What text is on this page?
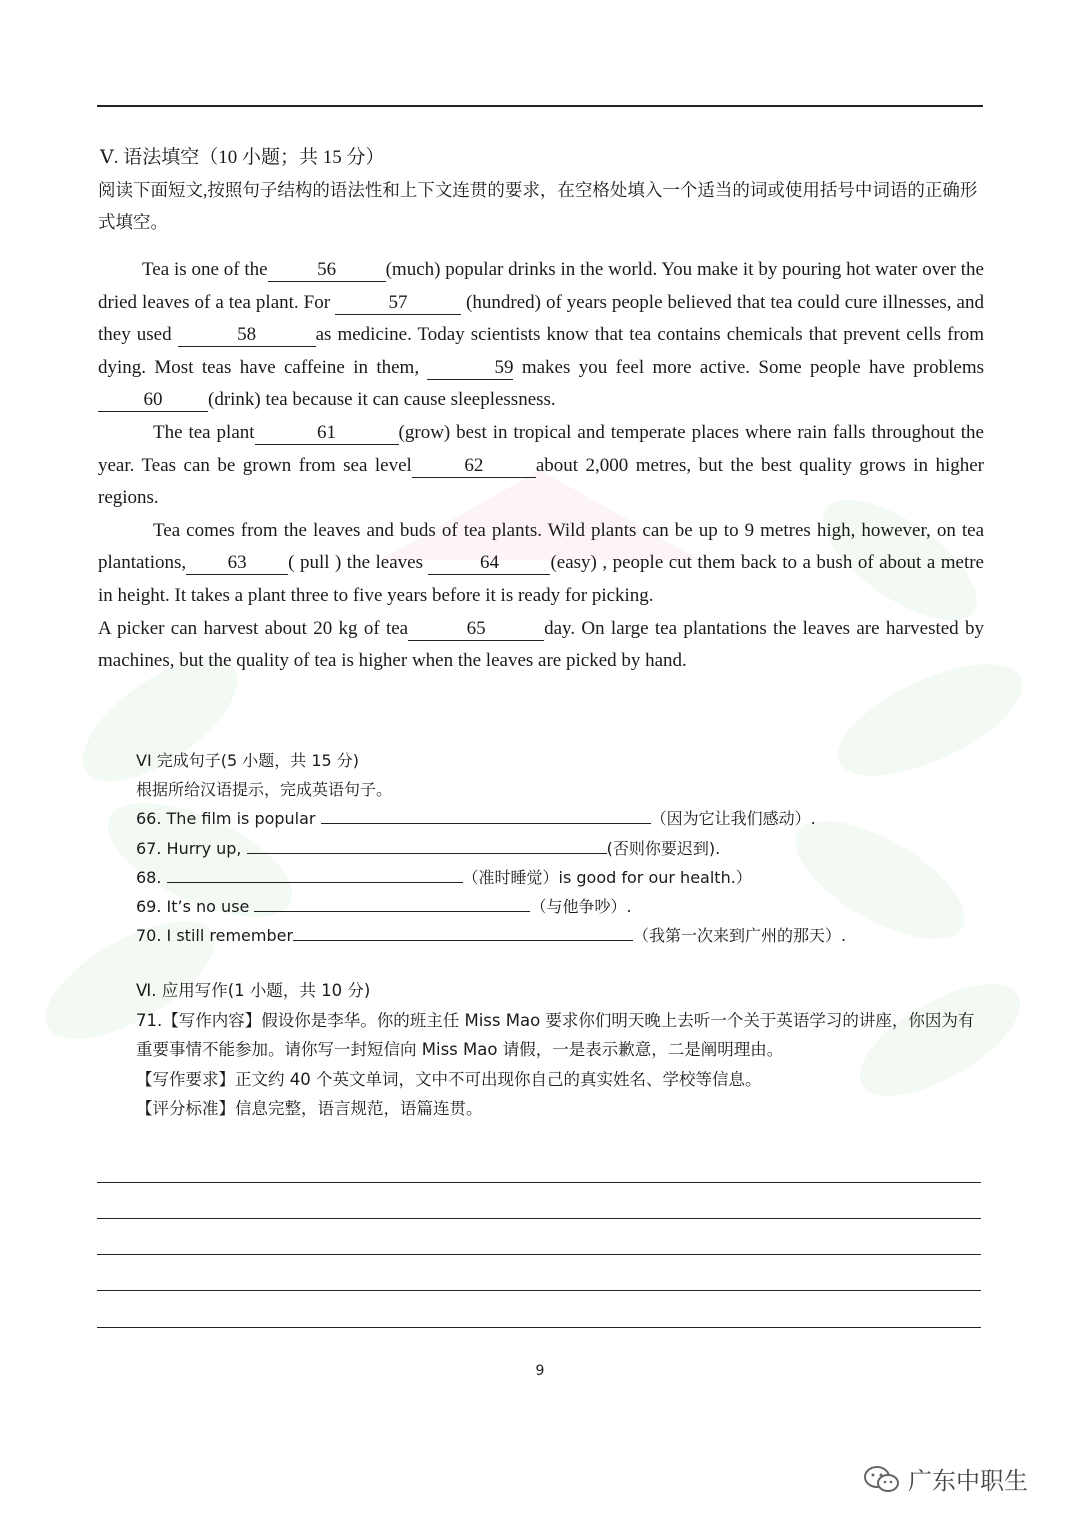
Ⅴ. 语法填空（10 小题；共 15 分）
阅读下面短文,按照句子结构的语法性和上下文连贯的要求，在空格处填入一个适当的词或使用括号中词语的正确形式填空。

Tea is one of the	56	(much) popular drinks in the world. You make it by pouring hot water over the dried leaves of a tea plant. For	57	(hundred) of years people believed that tea could cure illnesses, and they used	58	as medicine. Today scientists know that tea contains chemicals that prevent cells from dying. Most teas have caffeine in them,	59 makes you feel more active. Some people have problems60 (drink) tea because it can cause sleeplessness.

The tea plant	61	(grow) best in tropical and temperate places where rain falls throughout the year. Teas can be grown from sea level	62	about 2,000 metres, but the best quality grows in higher regions.

Tea comes from the leaves and buds of tea plants. Wild plants can be up to 9 metres high, however, on tea plantations, 63 ( pull ) the leaves	64	(easy) , people cut them back to a bush of about a metre in height. It takes a plant three to five years before it is ready for picking.

A picker can harvest about 20 kg of tea	65	day. On large tea plantations the leaves are harvested by machines, but the quality of tea is higher when the leaves are picked by hand.

VI 完成句子(5 小题，共 15 分)
根据所给汉语提示，完成英语句子。
66. The film is popular	（因为它让我们感动）.
67. Hurry up,	(否则你要迟到).
68.	（准时睡觉）is good for our health.）
69. It’s no use	（与他争吵）.
70. I still remember	（我第一次来到广州的那天）.
Ⅵ. 应用写作(1 小题，共 10 分)
71.【写作内容】假设你是李华。你的班主任 Miss Mao 要求你们明天晚上去听一个关于英语学习的讲座，你因为有重要事情不能参加。请你写一封短信向 Miss Mao 请假，一是表示歉意，二是阐明理由。
【写作要求】正文约 40 个英文单词，文中不可出现你自己的真实姓名、学校等信息。
【评分标准】信息完整，语言规范，语篇连贯。
9
广东中职生
